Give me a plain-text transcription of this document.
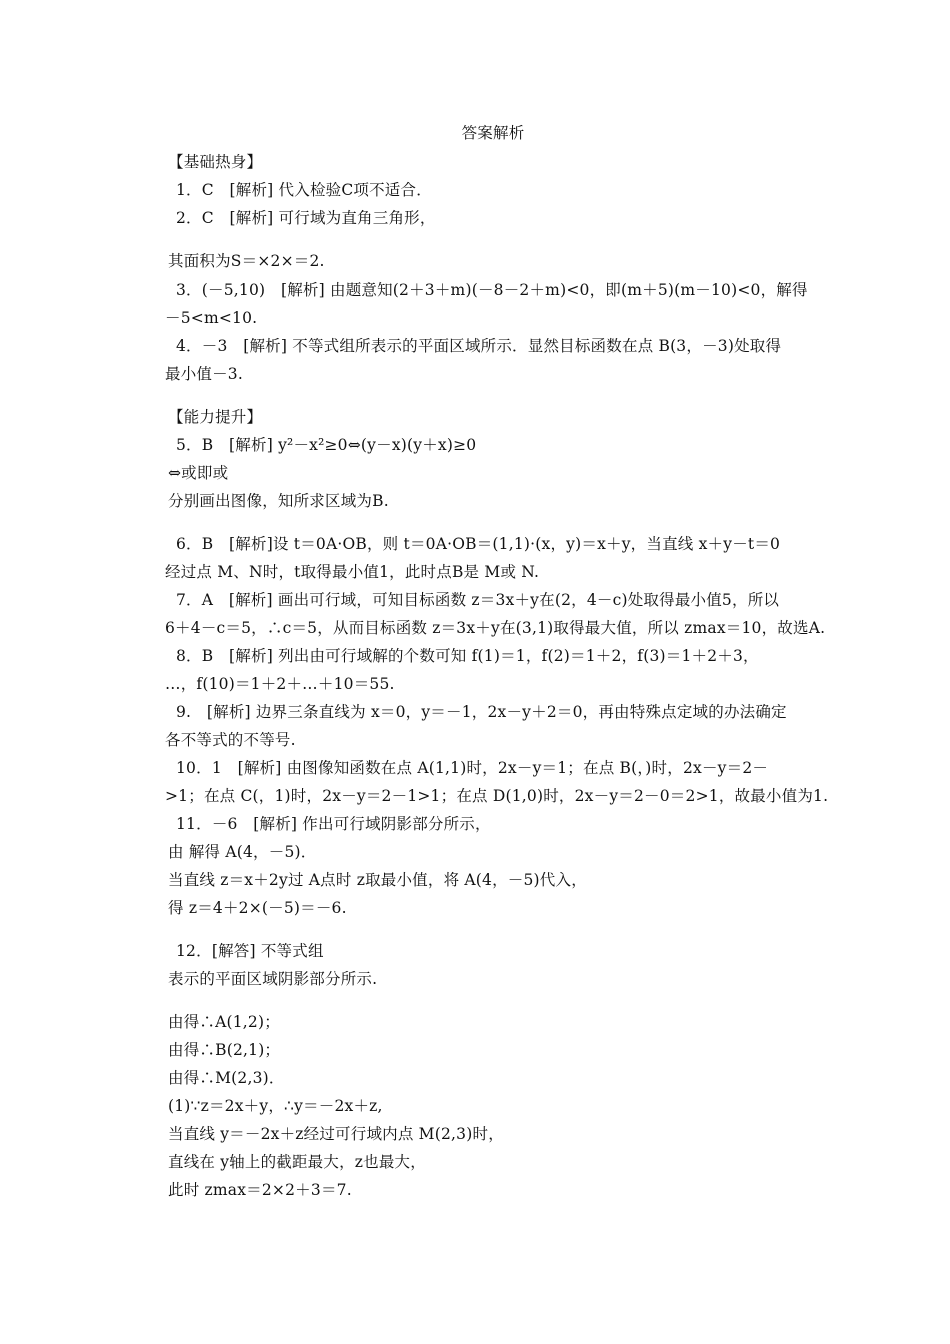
答案解析
【基础热身】
1．C　[解析] 代入检验C项不适合．
2．C　[解析] 可行域为直角三角形，
其面积为S＝×2×＝2.
3．(－5,10)　[解析] 由题意知(2＋3＋m)(－8－2＋m)<0，即(m＋5)(m－10)<0，解得
－5<m<10.
4．－3　[解析] 不等式组所表示的平面区域所示．显然目标函数在点 B(3，－3)处取得
最小值－3.
【能力提升】
5．B　[解析] y²－x²≥0⇔(y－x)(y＋x)≥0
⇔或即或
分别画出图像，知所求区域为B.
6．B　[解析]设 t＝0A·OB，则 t＝0A·OB＝(1,1)·(x，y)＝x＋y，当直线 x＋y－t＝0
经过点 M、N时，t取得最小值1，此时点B是 M或 N.
7．A　[解析] 画出可行域，可知目标函数 z＝3x＋y在(2，4－c)处取得最小值5，所以
6＋4－c＝5，∴c＝5，从而目标函数 z＝3x＋y在(3,1)取得最大值，所以 zmax＝10，故选A.
8．B　[解析] 列出由可行域解的个数可知 f(1)＝1，f(2)＝1＋2，f(3)＝1＋2＋3，
…，f(10)＝1＋2＋…＋10＝55.
9.　[解析] 边界三条直线为 x＝0，y＝－1，2x－y＋2＝0，再由特殊点定域的办法确定
各不等式的不等号.
10．1　[解析] 由图像知函数在点 A(1,1)时，2x－y＝1；在点 B(，)时，2x－y＝2－
>1；在点 C(，1)时，2x－y＝2－1>1；在点 D(1,0)时，2x－y＝2－0＝2>1，故最小值为1.
11．－6　[解析] 作出可行域阴影部分所示，
由 解得 A(4，－5)．
当直线 z＝x＋2y过 A点时 z取最小值，将 A(4，－5)代入，
得 z＝4＋2×(－5)＝－6.
12．[解答] 不等式组
表示的平面区域阴影部分所示.
由得∴A(1,2)；
由得∴B(2,1)；
由得∴M(2,3)．
(1)∵z＝2x＋y，∴y＝－2x＋z,
当直线 y＝－2x＋z经过可行域内点 M(2,3)时，
直线在 y轴上的截距最大，z也最大，
此时 zmax＝2×2＋3＝7.
